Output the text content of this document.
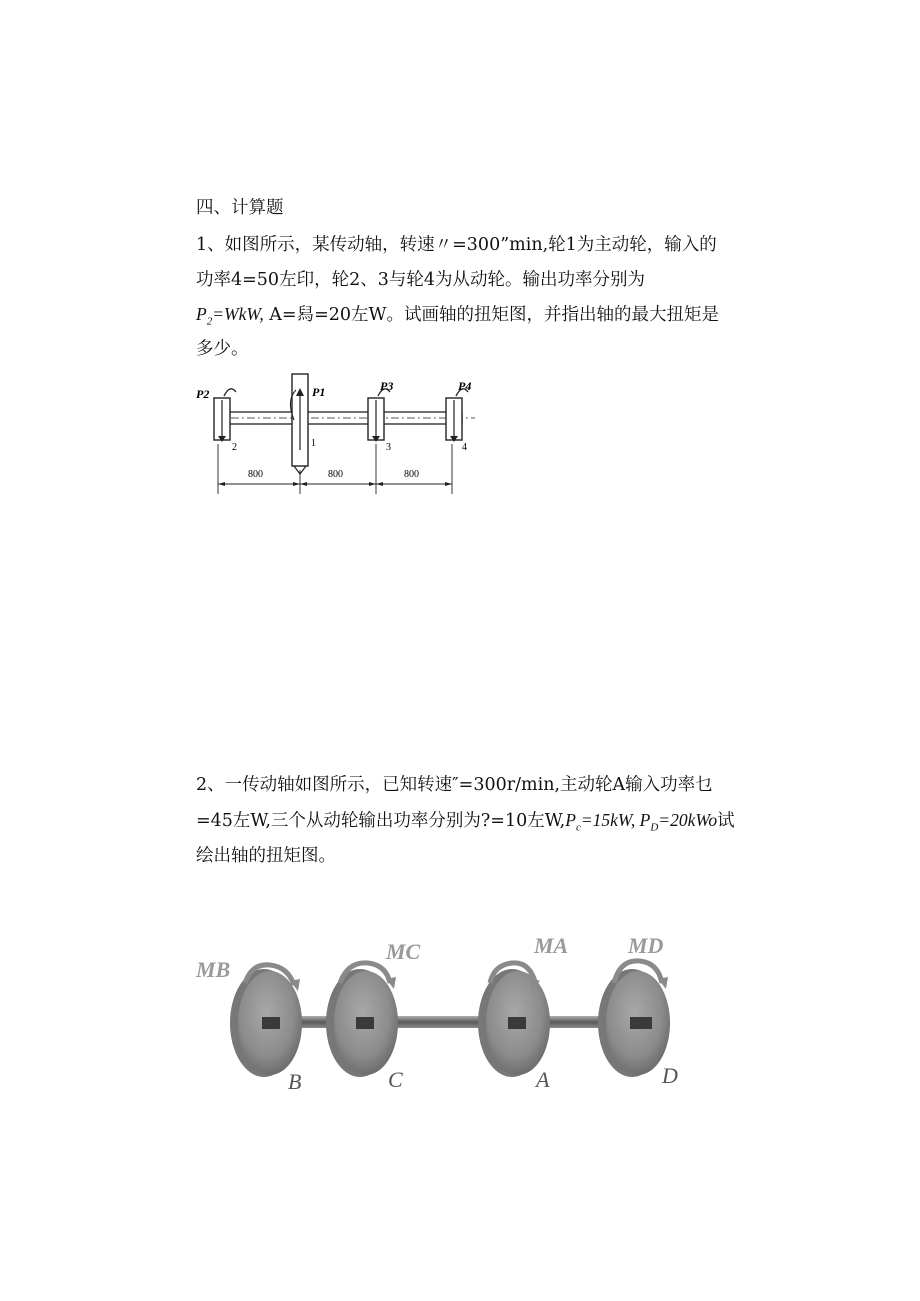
四、计算题
1、如图所示，某传动轴，转速〃=300”min,轮1为主动轮，输入的
功率4=50左印，轮2、3与轮4为从动轮。输出功率分别为
$P_2=WkW$, A=舄=20左W。试画轴的扭矩图，并指出轴的最大扭矩是
多少。
P2	P1	P3	P4
2	1	3	4
800	800	800
2、一传动轴如图所示，已知转速″=300r/min,主动轮A输入功率乜
=45左W,三个从动轮输出功率分别为?=10左$W,P_c=15kW$, $P_D=20kWo$试
绘出轴的扭矩图。
MB
MC	MA	MD
B	C	A	D
